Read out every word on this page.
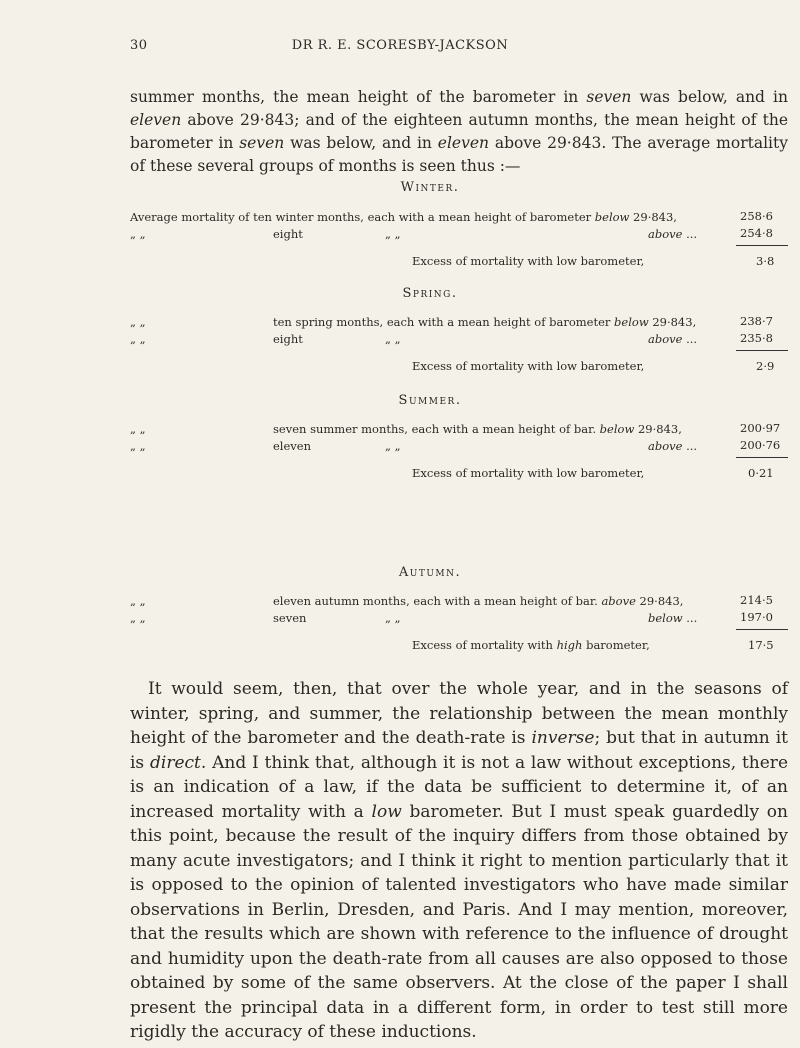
30	DR R. E. SCORESBY-JACKSON
summer months, the mean height of the barometer in seven was below, and in eleven above 29·843; and of the eighteen autumn months, the mean height of the barometer in seven was below, and in eleven above 29·843. The average mortality of these several groups of months is seen thus :—
Winter.
Average mortality of ten winter months, each with a mean height of barometer below 29·843,	258·6
„ „	eight	„ „	above ...	254·8
Excess of mortality with low barometer,	3·8
Spring.
„ „	ten spring months, each with a mean height of barometer below 29·843,	238·7
„ „	eight	„ „	above ...	235·8
Excess of mortality with low barometer,	2·9
Summer.
„ „	seven summer months, each with a mean height of bar. below 29·843,	200·97
„ „	eleven	„ „	above ...	200·76
Excess of mortality with low barometer,	0·21
Autumn.
„ „	eleven autumn months, each with a mean height of bar. above 29·843,	214·5
„ „	seven	„ „	below ...	197·0
Excess of mortality with high barometer,	17·5
It would seem, then, that over the whole year, and in the seasons of winter, spring, and summer, the relationship between the mean monthly height of the barometer and the death-rate is inverse; but that in autumn it is direct. And I think that, although it is not a law without exceptions, there is an indication of a law, if the data be sufficient to determine it, of an increased mortality with a low barometer. But I must speak guardedly on this point, because the result of the inquiry differs from those obtained by many acute investigators; and I think it right to mention particularly that it is opposed to the opinion of talented investigators who have made similar observations in Berlin, Dresden, and Paris. And I may mention, moreover, that the results which are shown with reference to the influence of drought and humidity upon the death-rate from all causes are also opposed to those obtained by some of the same observers. At the close of the paper I shall present the principal data in a different form, in order to test still more rigidly the accuracy of these inductions.
